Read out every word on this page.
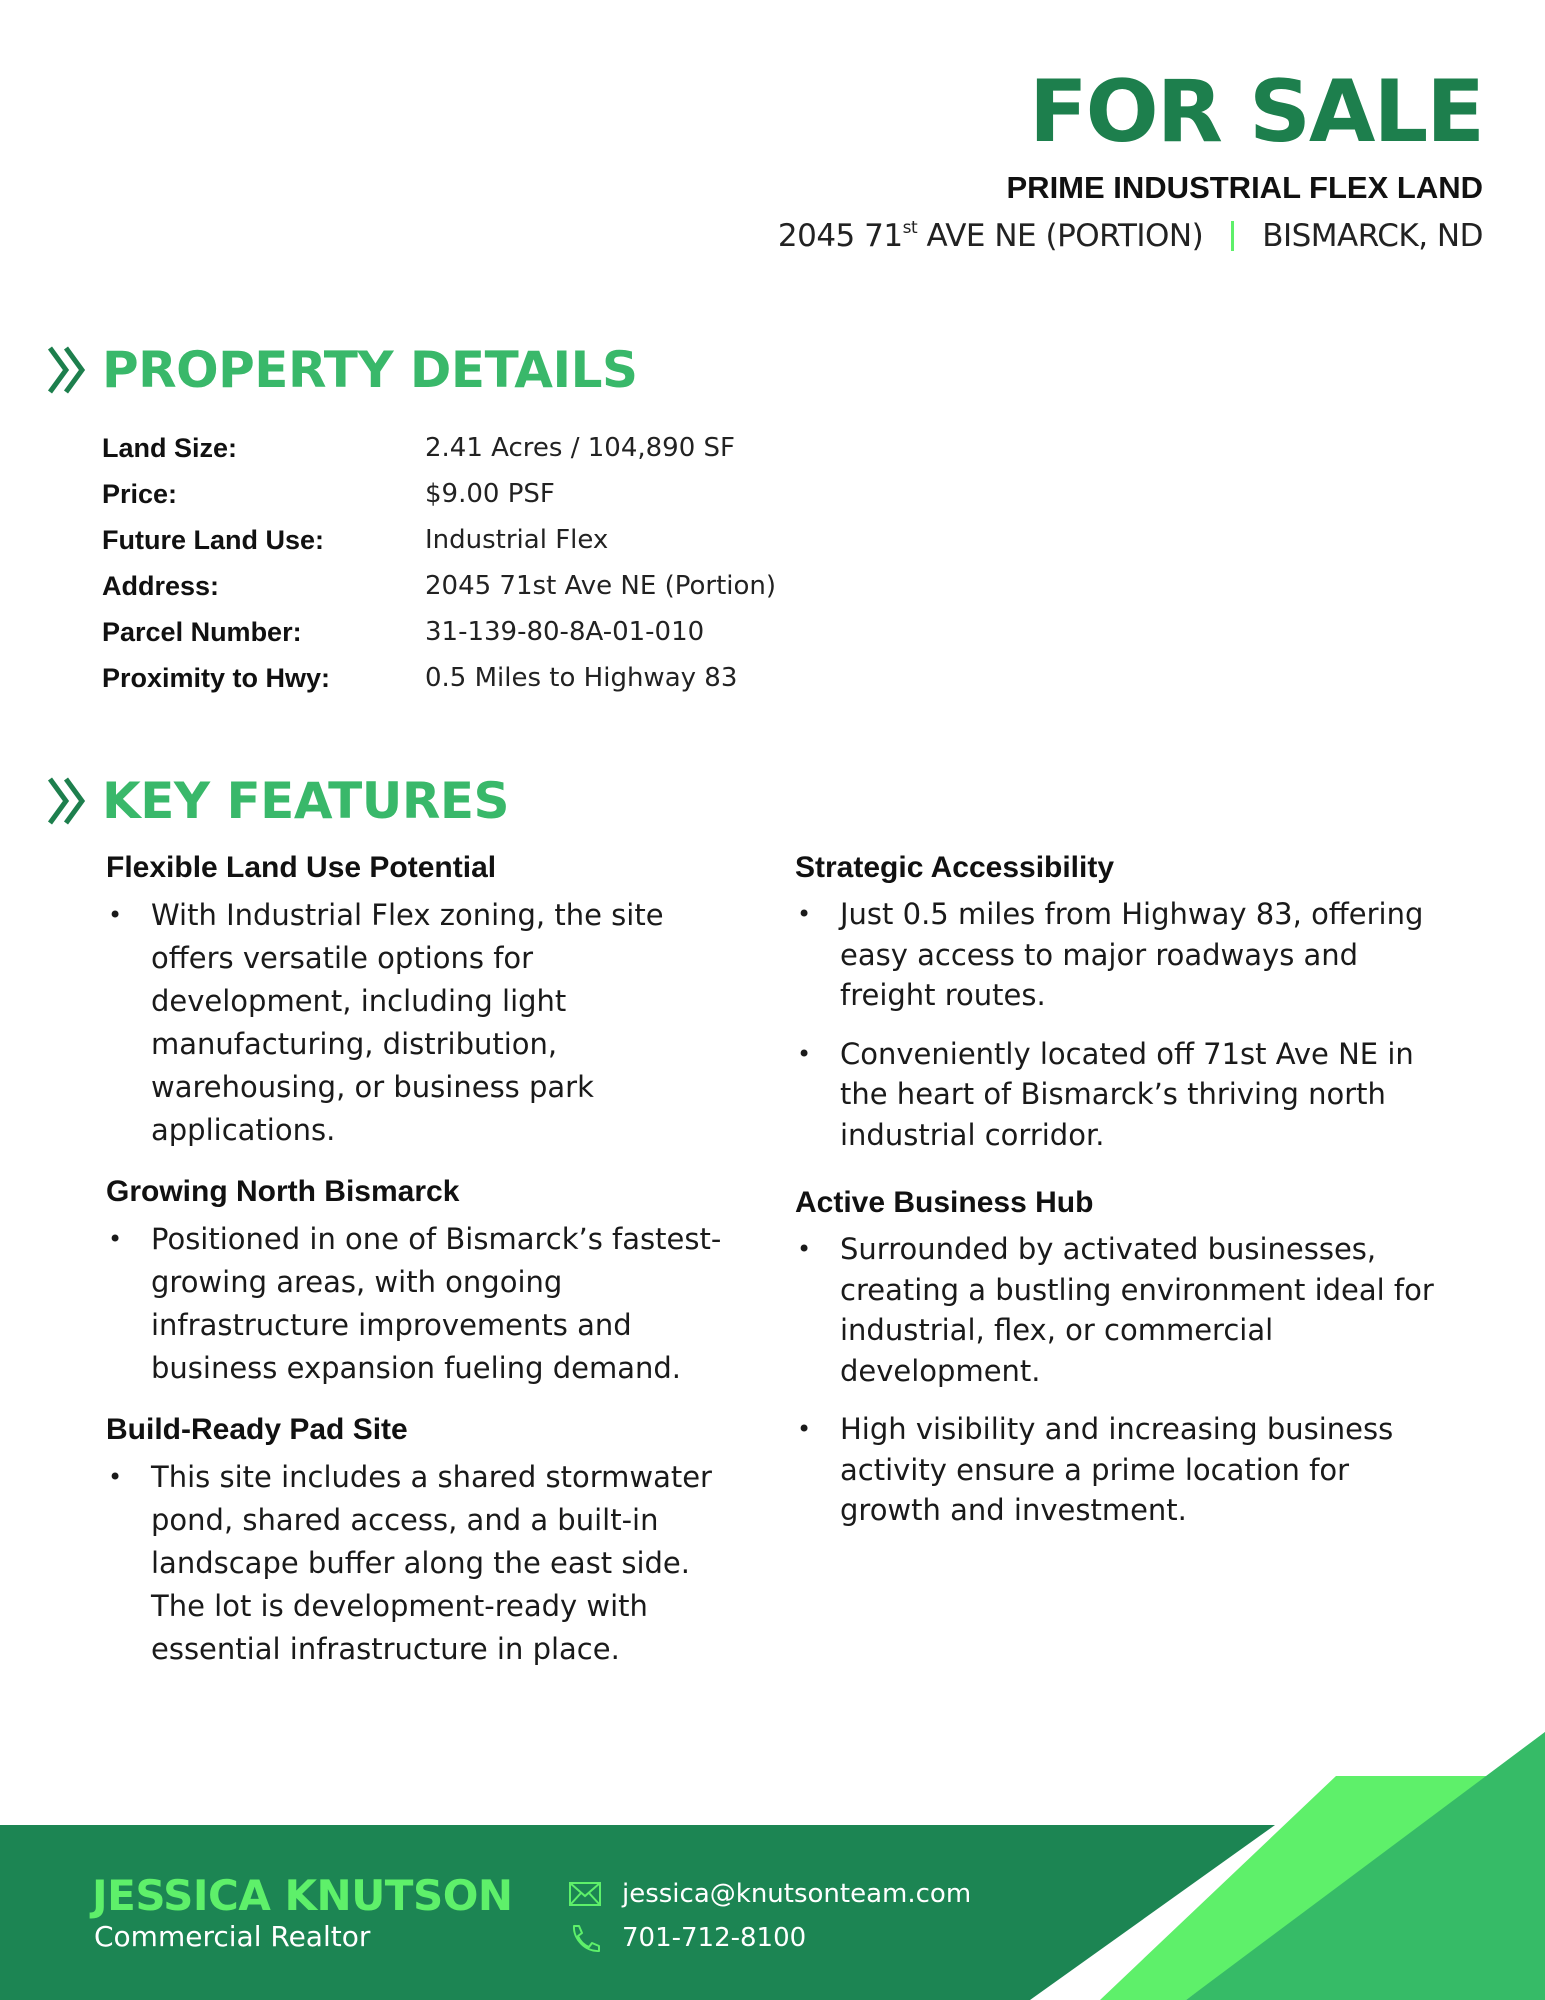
FOR SALE
PRIME INDUSTRIAL FLEX LAND
2045 71st AVE NE (PORTION) BISMARCK, ND
PROPERTY DETAILS
Land Size:	2.41 Acres / 104,890 SF
Price:	$9.00 PSF
Future Land Use:	Industrial Flex
Address:	2045 71st Ave NE (Portion)
Parcel Number:	31-139-80-8A-01-010
Proximity to Hwy:	0.5 Miles to Highway 83
KEY FEATURES
Flexible Land Use Potential
• With Industrial Flex zoning, the site offers versatile options for development, including light manufacturing, distribution, warehousing, or business park applications.
Growing North Bismarck
• Positioned in one of Bismarck’s fastest-growing areas, with ongoing infrastructure improvements and business expansion fueling demand.
Build-Ready Pad Site
• This site includes a shared stormwater pond, shared access, and a built-in landscape buffer along the east side. The lot is development-ready with essential infrastructure in place.
Strategic Accessibility
• Just 0.5 miles from Highway 83, offering easy access to major roadways and freight routes.
• Conveniently located off 71st Ave NE in the heart of Bismarck’s thriving north industrial corridor.
Active Business Hub
• Surrounded by activated businesses, creating a bustling environment ideal for industrial, flex, or commercial development.
• High visibility and increasing business activity ensure a prime location for growth and investment.
JESSICA KNUTSON
Commercial Realtor
jessica@knutsonteam.com
701-712-8100
